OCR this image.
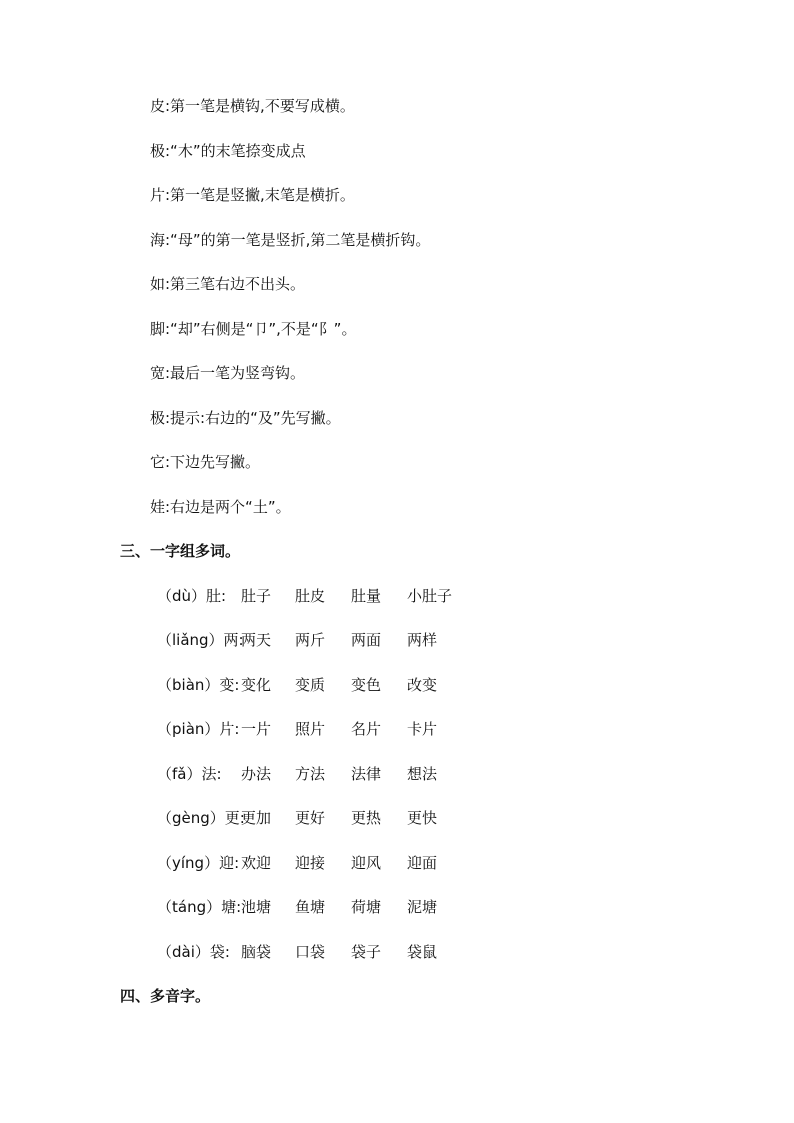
皮:第一笔是横钩,不要写成横。
极:“木”的末笔捺变成点
片:第一笔是竖撇,末笔是横折。
海:“母”的第一笔是竖折,第二笔是横折钩。
如:第三笔右边不出头。
脚:“却”右侧是“卩”,不是“阝”。
宽:最后一笔为竖弯钩。
极:提示:右边的“及”先写撇。
它:下边先写撇。
娃:右边是两个“土”。
三、一字组多词。
（dù）肚: 肚子 肚皮 肚量 小肚子
（liǎng）两:两天 两斤 两面 两样
（biàn）变: 变化 变质 变色 改变
（piàn）片: 一片 照片 名片 卡片
（fǎ）法: 办法 方法 法律 想法
（gèng）更:更加 更好 更热 更快
（yíng）迎: 欢迎 迎接 迎风 迎面
（táng）塘:池塘 鱼塘 荷塘 泥塘
（dài）袋: 脑袋 口袋 袋子 袋鼠
四、多音字。
